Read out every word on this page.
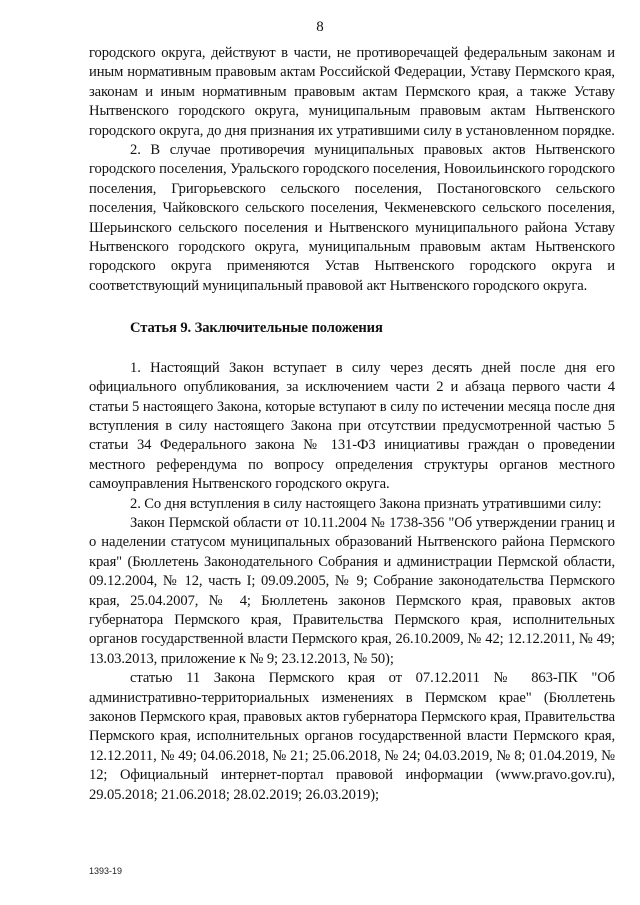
8

городского округа, действуют в части, не противоречащей федеральным законам и иным нормативным правовым актам Российской Федерации, Уставу Пермского края, законам и иным нормативным правовым актам Пермского края, а также Уставу Нытвенского городского округа, муниципальным правовым актам Нытвенского городского округа, до дня признания их утратившими силу в установленном порядке.

2. В случае противоречия муниципальных правовых актов Нытвенского городского поселения, Уральского городского поселения, Новоильинского городского поселения, Григорьевского сельского поселения, Постаноговского сельского поселения, Чайковского сельского поселения, Чекменевского сельского поселения, Шерьинского сельского поселения и Нытвенского муниципального района Уставу Нытвенского городского округа, муниципальным правовым актам Нытвенского городского округа применяются Устав Нытвенского городского округа и соответствующий муниципальный правовой акт Нытвенского городского округа.

Статья 9. Заключительные положения

1. Настоящий Закон вступает в силу через десять дней после дня его официального опубликования, за исключением части 2 и абзаца первого части 4 статьи 5 настоящего Закона, которые вступают в силу по истечении месяца после дня вступления в силу настоящего Закона при отсутствии предусмотренной частью 5 статьи 34 Федерального закона № 131-ФЗ инициативы граждан о проведении местного референдума по вопросу определения структуры органов местного самоуправления Нытвенского городского округа.

2. Со дня вступления в силу настоящего Закона признать утратившими силу:

Закон Пермской области от 10.11.2004 № 1738-356 "Об утверждении границ и о наделении статусом муниципальных образований Нытвенского района Пермского края" (Бюллетень Законодательного Собрания и администрации Пермской области, 09.12.2004, № 12, часть I; 09.09.2005, № 9; Собрание законодательства Пермского края, 25.04.2007, № 4; Бюллетень законов Пермского края, правовых актов губернатора Пермского края, Правительства Пермского края, исполнительных органов государственной власти Пермского края, 26.10.2009, № 42; 12.12.2011, № 49; 13.03.2013, приложение к № 9; 23.12.2013, № 50);

статью 11 Закона Пермского края от 07.12.2011 № 863-ПК "Об административно-территориальных изменениях в Пермском крае" (Бюллетень законов Пермского края, правовых актов губернатора Пермского края, Правительства Пермского края, исполнительных органов государственной власти Пермского края, 12.12.2011, № 49; 04.06.2018, № 21; 25.06.2018, № 24; 04.03.2019, № 8; 01.04.2019, № 12; Официальный интернет-портал правовой информации (www.pravo.gov.ru), 29.05.2018; 21.06.2018; 28.02.2019; 26.03.2019);

1393-19
